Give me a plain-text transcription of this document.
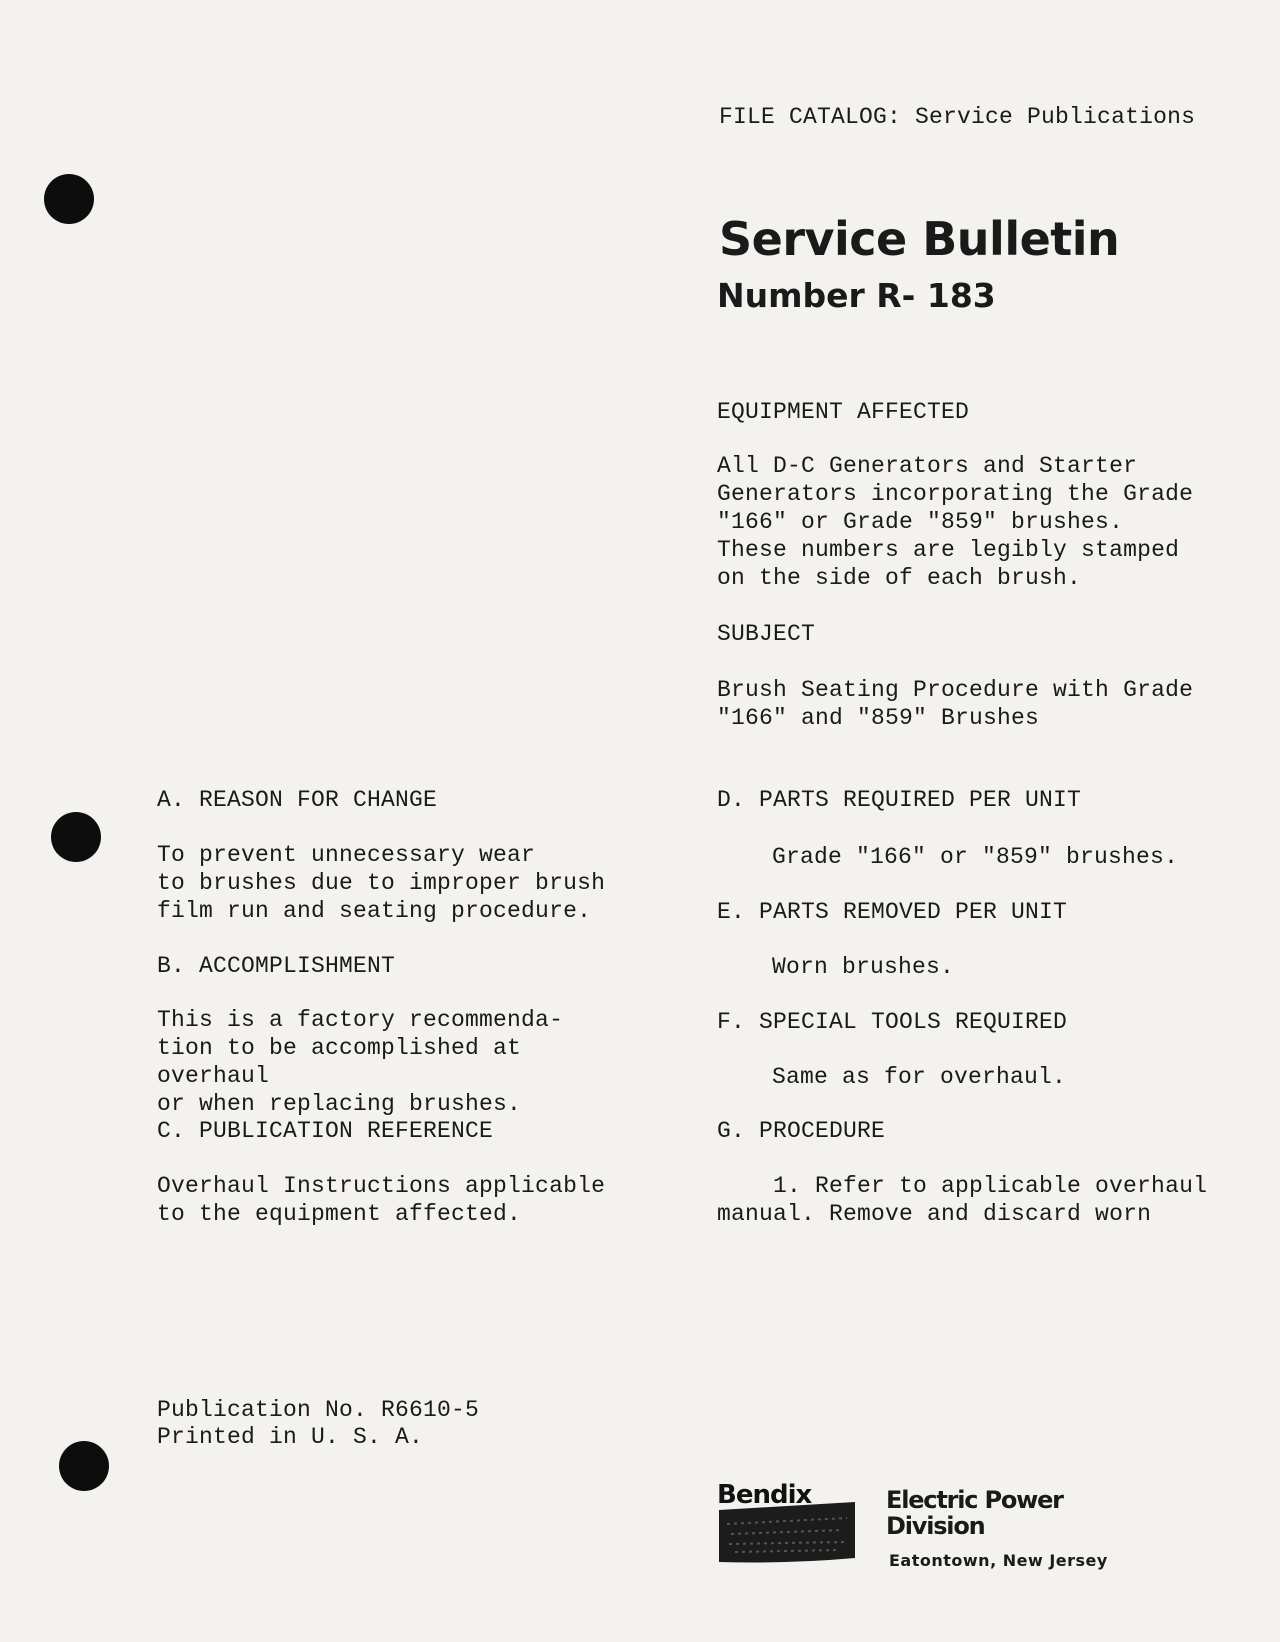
FILE CATALOG: Service Publications
Service Bulletin
Number R- 183
EQUIPMENT AFFECTED
All D-C Generators and Starter
Generators incorporating the Grade
"166" or Grade "859" brushes.
These numbers are legibly stamped
on the side of each brush.
SUBJECT
Brush Seating Procedure with Grade
"166" and "859" Brushes
A. REASON FOR CHANGE
To prevent unnecessary wear
to brushes due to improper brush
film run and seating procedure.
B. ACCOMPLISHMENT
This is a factory recommenda-
tion to be accomplished at overhaul
or when replacing brushes.
C. PUBLICATION REFERENCE
Overhaul Instructions applicable
to the equipment affected.
D. PARTS REQUIRED PER UNIT
Grade "166" or "859" brushes.
E. PARTS REMOVED PER UNIT
Worn brushes.
F. SPECIAL TOOLS REQUIRED
Same as for overhaul.
G. PROCEDURE
1. Refer to applicable overhaul
manual. Remove and discard worn
Publication No. R6610-5
Printed in U. S. A.
Bendix	Electric Power
Division
Eatontown, New Jersey
